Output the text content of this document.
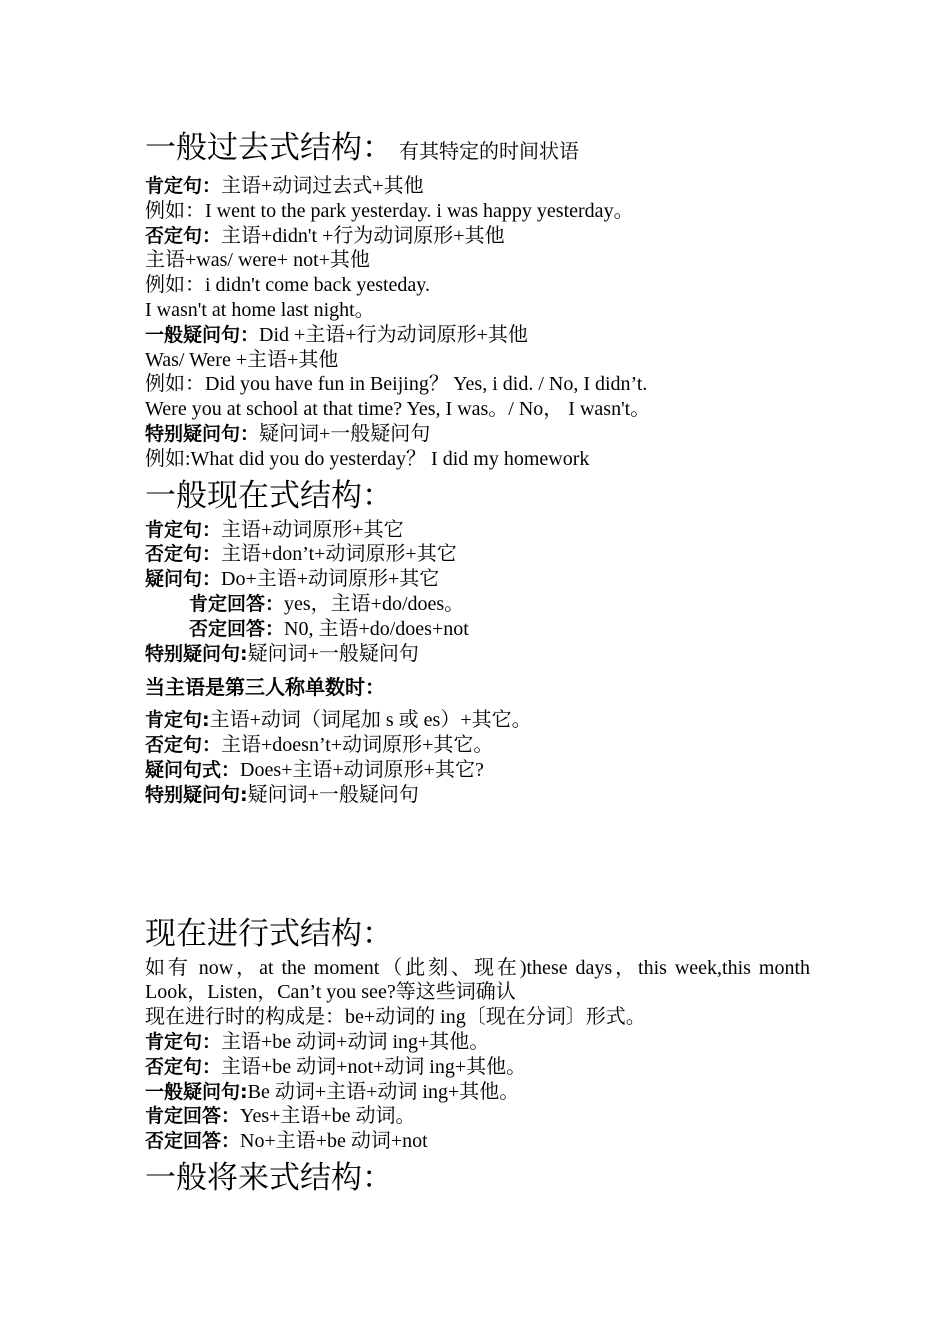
一般过去式结构： 有其特定的时间状语
肯定句：主语+动词过去式+其他
例如：I went to the park yesterday. i was happy yesterday。
否定句：主语+didn't +行为动词原形+其他
主语+was/ were+ not+其他
例如：i didn't come back yesteday.
I wasn't at home last night。
一般疑问句：Did +主语+行为动词原形+其他
Was/ Were +主语+其他
例如：Did you have fun in Beijing？ Yes, i did. / No, I didn’t.
Were you at school at that time? Yes, I was。/ No， I wasn't。
特别疑问句：疑问词+一般疑问句
例如:What did you do yesterday？ I did my homework
一般现在式结构：
肯定句：主语+动词原形+其它
否定句：主语+don’t+动词原形+其它
疑问句：Do+主语+动词原形+其它
肯定回答：yes，主语+do/does。
否定回答：N0, 主语+do/does+not
特别疑问句:疑问词+一般疑问句
当主语是第三人称单数时：
肯定句:主语+动词（词尾加 s 或 es）+其它。
否定句：主语+doesn’t+动词原形+其它。
疑问句式：Does+主语+动词原形+其它?
特别疑问句:疑问词+一般疑问句
现在进行式结构：
如有 now，at the moment（此刻、现在)these days，this week,this month Look，Listen，Can’t you see?等这些词确认
现在进行时的构成是：be+动词的 ing〔现在分词〕形式。
肯定句：主语+be 动词+动词 ing+其他。
否定句：主语+be 动词+not+动词 ing+其他。
一般疑问句:Be 动词+主语+动词 ing+其他。
肯定回答：Yes+主语+be 动词。
否定回答：No+主语+be 动词+not
一般将来式结构：
